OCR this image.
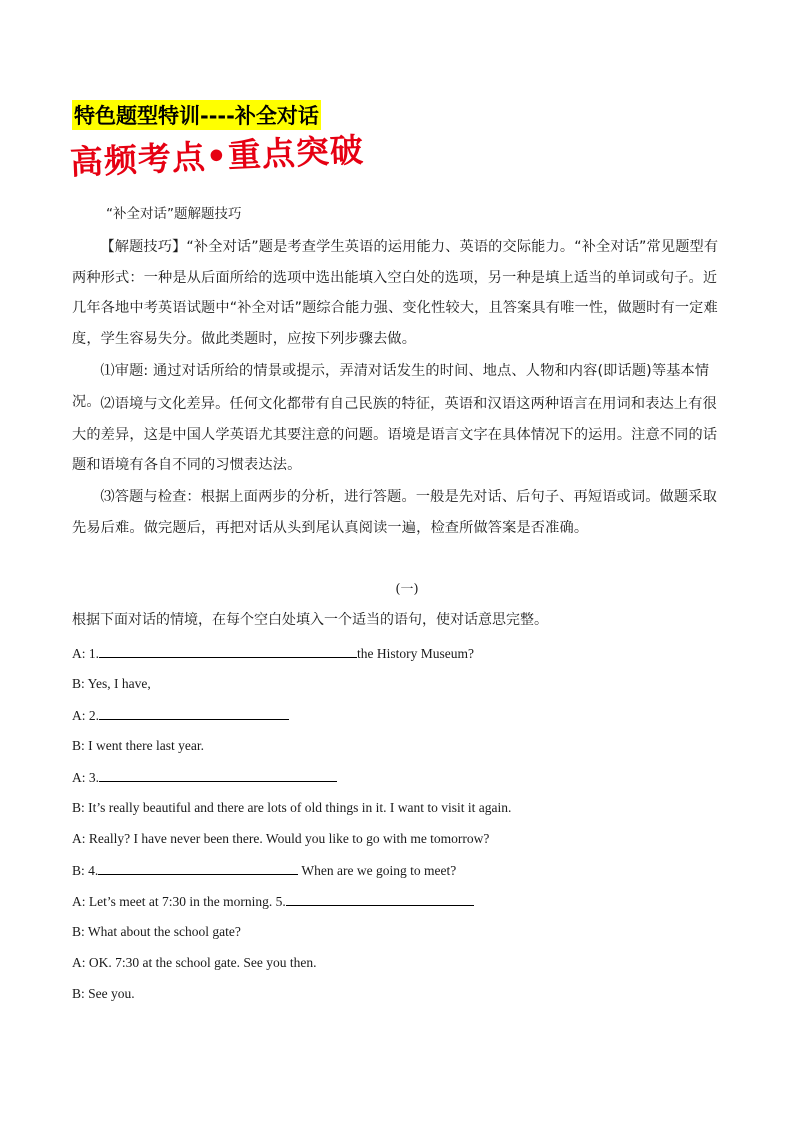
特色题型特训----补全对话
高频考点•重点突破
“补全对话”题解题技巧
【解题技巧】“补全对话”题是考查学生英语的运用能力、英语的交际能力。“补全对话”常见题型有两种形式：一种是从后面所给的选项中选出能填入空白处的选项，另一种是填上适当的单词或句子。近几年各地中考英语试题中“补全对话”题综合能力强、变化性较大，且答案具有唯一性，做题时有一定难度，学生容易失分。做此类题时，应按下列步骤去做。
⑴审题: 通过对话所给的情景或提示，弄清对话发生的时间、地点、人物和内容(即话题)等基本情况。 ⑵语境与文化差异。任何文化都带有自己民族的特征，英语和汉语这两种语言在用词和表达上有很大的差异，这是中国人学英语尤其要注意的问题。语境是语言文字在具体情况下的运用。注意不同的话题和语境有各自不同的习惯表达法。
⑶答题与检查：根据上面两步的分析，进行答题。一般是先对话、后句子、再短语或词。做题采取先易后难。做完题后，再把对话从头到尾认真阅读一遍，检查所做答案是否准确。
(一)
根据下面对话的情境，在每个空白处填入一个适当的语句，使对话意思完整。
A: 1.	the History Museum?
B: Yes, I have,
A: 2.
B: I went there last year.
A: 3.
B: It’s really beautiful and there are lots of old things in it. I want to visit it again.
A: Really? I have never been there. Would you like to go with me tomorrow?
B: 4.	When are we going to meet?
A: Let’s meet at 7:30 in the morning. 5.
B: What about the school gate?
A: OK. 7:30 at the school gate. See you then.
B: See you.
